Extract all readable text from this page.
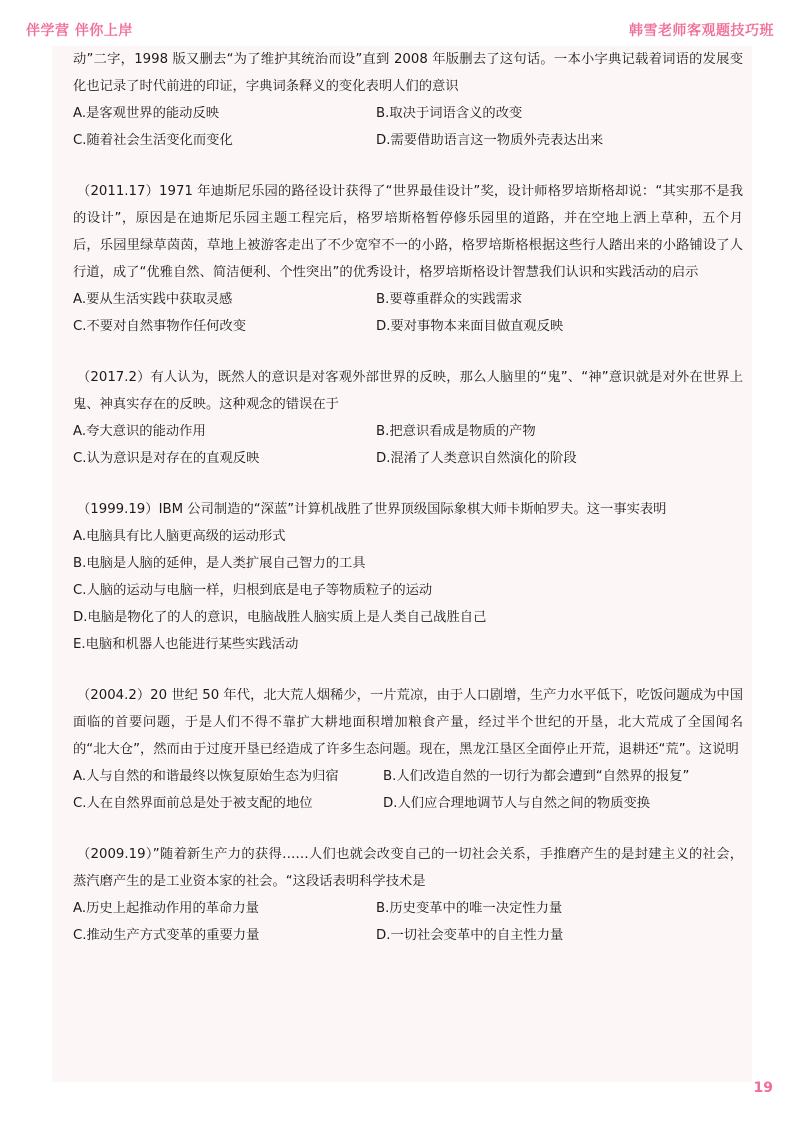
伴学营 伴你上岸	韩雪老师客观题技巧班

动”二字，1998 版又删去“为了维护其统治而设”直到 2008 年版删去了这句话。一本小字典记载着词语的发展变化也记录了时代前进的印证，字典词条释义的变化表明人们的意识

A.是客观世界的能动反映	B.取决于词语含义的改变
C.随着社会生活变化而变化	D.需要借助语言这一物质外壳表达出来

（2011.17）1971 年迪斯尼乐园的路径设计获得了“世界最佳设计”奖，设计师格罗培斯格却说：“其实那不是我的设计”，原因是在迪斯尼乐园主题工程完后，格罗培斯格暂停修乐园里的道路，并在空地上洒上草种，五个月后，乐园里绿草茵茵，草地上被游客走出了不少宽窄不一的小路，格罗培斯格根据这些行人踏出来的小路铺设了人行道，成了“优雅自然、简洁便利、个性突出”的优秀设计，格罗培斯格设计智慧我们认识和实践活动的启示

A.要从生活实践中获取灵感	B.要尊重群众的实践需求
C.不要对自然事物作任何改变	D.要对事物本来面目做直观反映

（2017.2）有人认为，既然人的意识是对客观外部世界的反映，那么人脑里的“鬼”、“神”意识就是对外在世界上鬼、神真实存在的反映。这种观念的错误在于

A.夸大意识的能动作用	B.把意识看成是物质的产物
C.认为意识是对存在的直观反映	D.混淆了人类意识自然演化的阶段

（1999.19）IBM 公司制造的“深蓝”计算机战胜了世界顶级国际象棋大师卡斯帕罗夫。这一事实表明

A.电脑具有比人脑更高级的运动形式
B.电脑是人脑的延伸，是人类扩展自己智力的工具
C.人脑的运动与电脑一样，归根到底是电子等物质粒子的运动
D.电脑是物化了的人的意识，电脑战胜人脑实质上是人类自己战胜自己
E.电脑和机器人也能进行某些实践活动

（2004.2）20 世纪 50 年代，北大荒人烟稀少，一片荒凉，由于人口剧增，生产力水平低下，吃饭问题成为中国面临的首要问题，于是人们不得不靠扩大耕地面积增加粮食产量，经过半个世纪的开垦，北大荒成了全国闻名的“北大仓”，然而由于过度开垦已经造成了许多生态问题。现在，黑龙江垦区全面停止开荒，退耕还“荒”。这说明

A.人与自然的和谐最终以恢复原始生态为归宿	B.人们改造自然的一切行为都会遭到“自然界的报复”
C.人在自然界面前总是处于被支配的地位	D.人们应合理地调节人与自然之间的物质变换

（2009.19）”随着新生产力的获得……人们也就会改变自己的一切社会关系，手推磨产生的是封建主义的社会，蒸汽磨产生的是工业资本家的社会。“这段话表明科学技术是

A.历史上起推动作用的革命力量	B.历史变革中的唯一决定性力量
C.推动生产方式变革的重要力量	D.一切社会变革中的自主性力量
19
